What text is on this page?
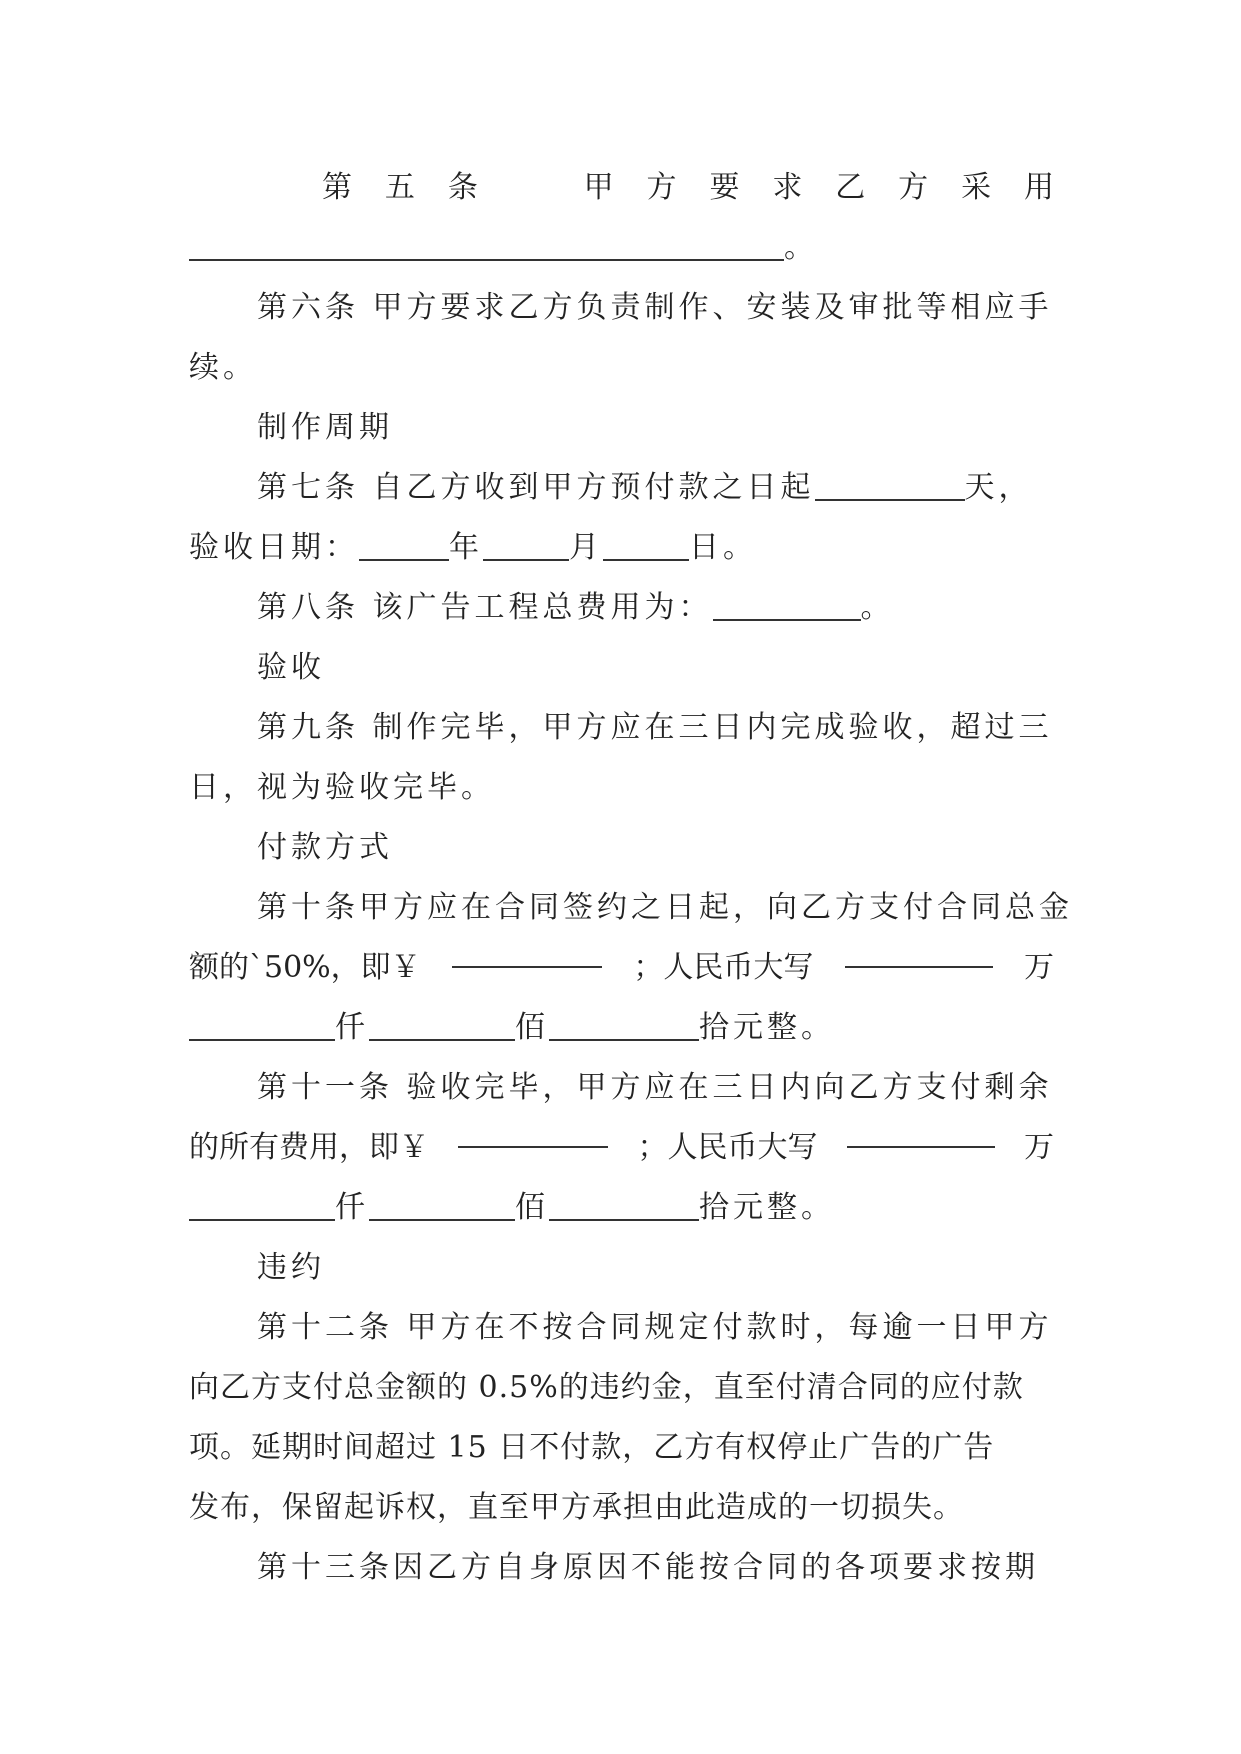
第 五 条	甲 方 要 求 乙 方 采 用
。
第六条 甲方要求乙方负责制作、安装及审批等相应手
续。
制作周期
第七条 自乙方收到甲方预付款之日起	天，
验收日期：	年	月	日。
第八条 该广告工程总费用为：	。
验收
第九条 制作完毕，甲方应在三日内完成验收，超过三
日，视为验收完毕。
付款方式
第十条甲方应在合同签约之日起，向乙方支付合同总金
额的`50%，即￥	；人民币大写	万
仟	佰	拾元整。
第十一条 验收完毕，甲方应在三日内向乙方支付剩余
的所有费用，即￥	；人民币大写	万
仟	佰	拾元整。
违约
第十二条 甲方在不按合同规定付款时，每逾一日甲方
向乙方支付总金额的 0.5%的违约金，直至付清合同的应付款
项。延期时间超过 15 日不付款，乙方有权停止广告的广告
发布，保留起诉权，直至甲方承担由此造成的一切损失。
第十三条因乙方自身原因不能按合同的各项要求按期
